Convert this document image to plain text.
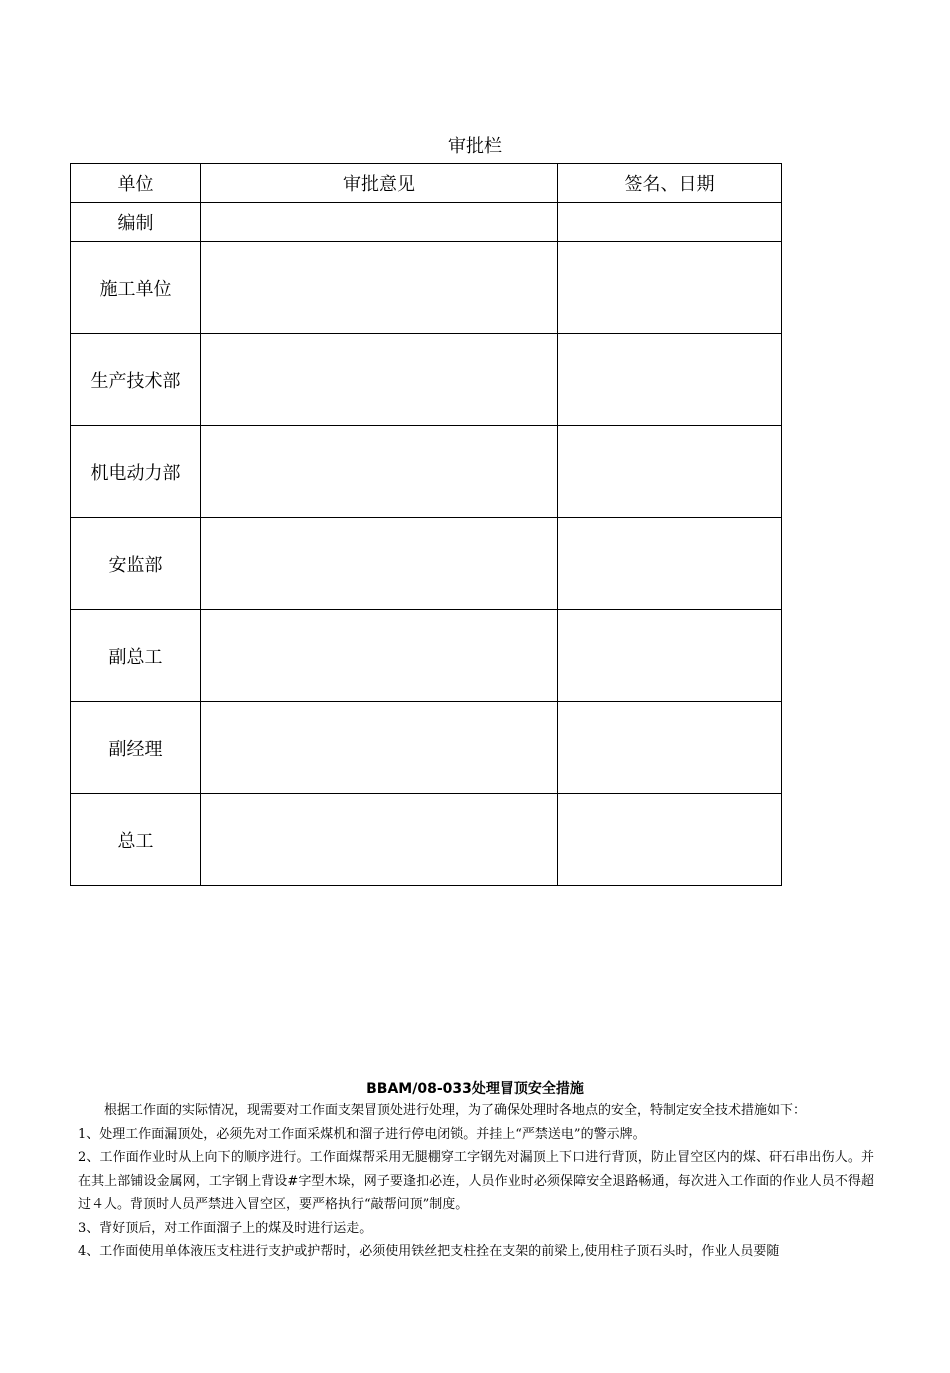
审批栏
单位	审批意见	签名、日期
编制		
施工单位		
生产技术部		
机电动力部		
安监部		
副总工		
副经理		
总工		
BBAM/08-033处理冒顶安全措施

根据工作面的实际情况，现需要对工作面支架冒顶处进行处理，为了确保处理时各地点的安全，特制定安全技术措施如下：

1、处理工作面漏顶处，必须先对工作面采煤机和溜子进行停电闭锁。并挂上“严禁送电”的警示牌。

2、工作面作业时从上向下的顺序进行。工作面煤帮采用无腿棚穿工字钢先对漏顶上下口进行背顶，防止冒空区内的煤、矸石串出伤人。并在其上部铺设金属网，工字钢上背设#字型木垛，网子要逢扣必连，人员作业时必须保障安全退路畅通，每次进入工作面的作业人员不得超过４人。背顶时人员严禁进入冒空区，要严格执行“敲帮问顶”制度。

3、背好顶后，对工作面溜子上的煤及时进行运走。

4、工作面使用单体液压支柱进行支护或护帮时，必须使用铁丝把支柱拴在支架的前梁上,使用柱子顶石头时，作业人员要随
